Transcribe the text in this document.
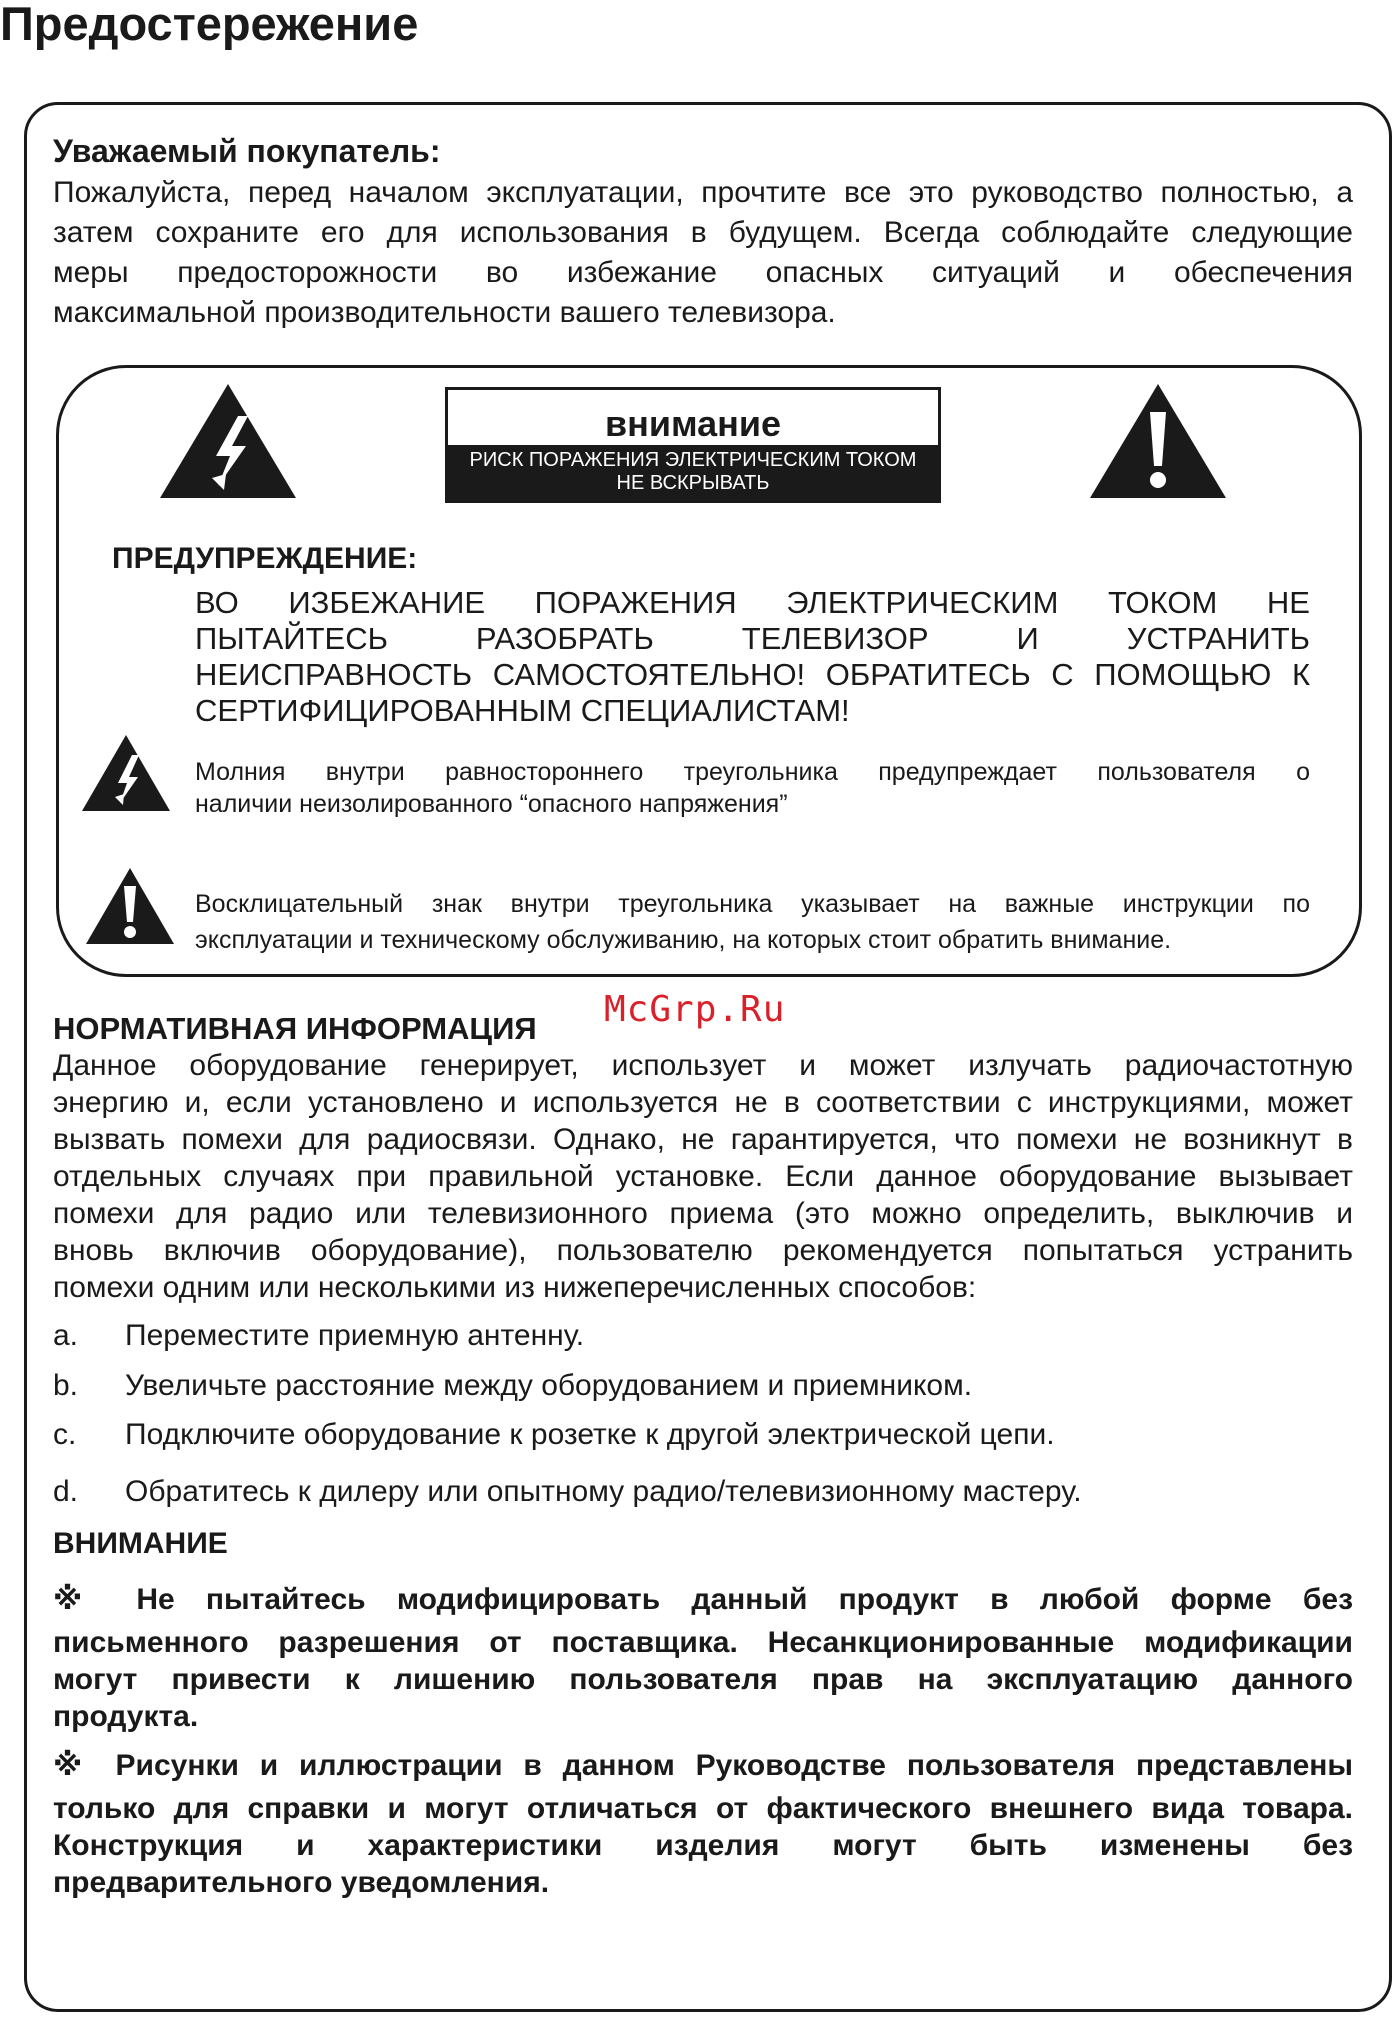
Предостережение
Уважаемый покупатель:
Пожалуйста, перед началом эксплуатации, прочтите все это руководство полностью, а
затем сохраните его для использования в будущем. Всегда соблюдайте следующие
меры предосторожности во избежание опасных ситуаций и обеспечения
максимальной производительности вашего телевизора.
внимание
РИСК ПОРАЖЕНИЯ ЭЛЕКТРИЧЕСКИМ ТОКОМ
НЕ ВСКРЫВАТЬ
ПРЕДУПРЕЖДЕНИЕ:
ВО ИЗБЕЖАНИЕ ПОРАЖЕНИЯ ЭЛЕКТРИЧЕСКИМ ТОКОМ НЕ
ПЫТАЙТЕСЬ РАЗОБРАТЬ ТЕЛЕВИЗОР И УСТРАНИТЬ
НЕИСПРАВНОСТЬ САМОСТОЯТЕЛЬНО! ОБРАТИТЕСЬ С ПОМОЩЬЮ К
СЕРТИФИЦИРОВАННЫМ СПЕЦИАЛИСТАМ!
Молния внутри равностороннего треугольника предупреждает пользователя о
наличии неизолированного “опасного напряжения”
Восклицательный знак внутри треугольника указывает на важные инструкции по
эксплуатации и техническому обслуживанию, на которых стоит обратить внимание.
McGrp.Ru
НОРМАТИВНАЯ ИНФОРМАЦИЯ
Данное оборудование генерирует, использует и может излучать радиочастотную
энергию и, если установлено и используется не в соответствии с инструкциями, может
вызвать помехи для радиосвязи. Однако, не гарантируется, что помехи не возникнут в
отдельных случаях при правильной установке. Если данное оборудование вызывает
помехи для радио или телевизионного приема (это можно определить, выключив и
вновь включив оборудование), пользователю рекомендуется попытаться устранить
помехи одним или несколькими из нижеперечисленных способов:
a. Переместите приемную антенну.
b. Увеличьте расстояние между оборудованием и приемником.
c. Подключите оборудование к розетке к другой электрической цепи.
d. Обратитесь к дилеру или опытному радио/телевизионному мастеру.
ВНИМАНИЕ
※ Не пытайтесь модифицировать данный продукт в любой форме без
письменного разрешения от поставщика. Несанкционированные модификации
могут привести к лишению пользователя прав на эксплуатацию данного
продукта.
※ Рисунки и иллюстрации в данном Руководстве пользователя представлены
только для справки и могут отличаться от фактического внешнего вида товара.
Конструкция и характеристики изделия могут быть изменены без
предварительного уведомления.
